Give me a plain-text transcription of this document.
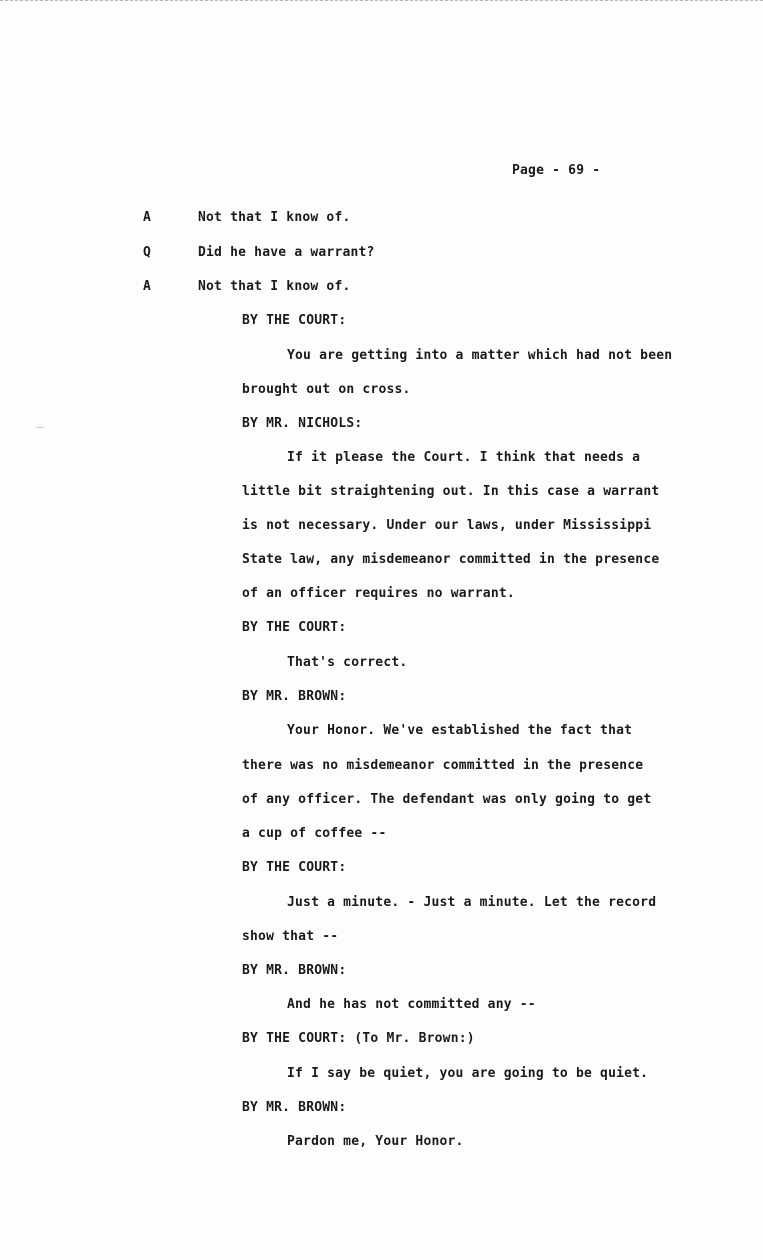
Page - 69 -
A	Not that I know of.
Q	Did he have a warrant?
A	Not that I know of.
BY THE COURT:
You are getting into a matter which had not been
brought out on cross.
BY MR. NICHOLS:
If it please the Court. I think that needs a
little bit straightening out. In this case a warrant
is not necessary. Under our laws, under Mississippi
State law, any misdemeanor committed in the presence
of an officer requires no warrant.
BY THE COURT:
That's correct.
BY MR. BROWN:
Your Honor. We've established the fact that
there was no misdemeanor committed in the presence
of any officer. The defendant was only going to get
a cup of coffee --
BY THE COURT:
Just a minute. - Just a minute. Let the record
show that --
BY MR. BROWN:
And he has not committed any --
BY THE COURT: (To Mr. Brown:)
If I say be quiet, you are going to be quiet.
BY MR. BROWN:
Pardon me, Your Honor.
